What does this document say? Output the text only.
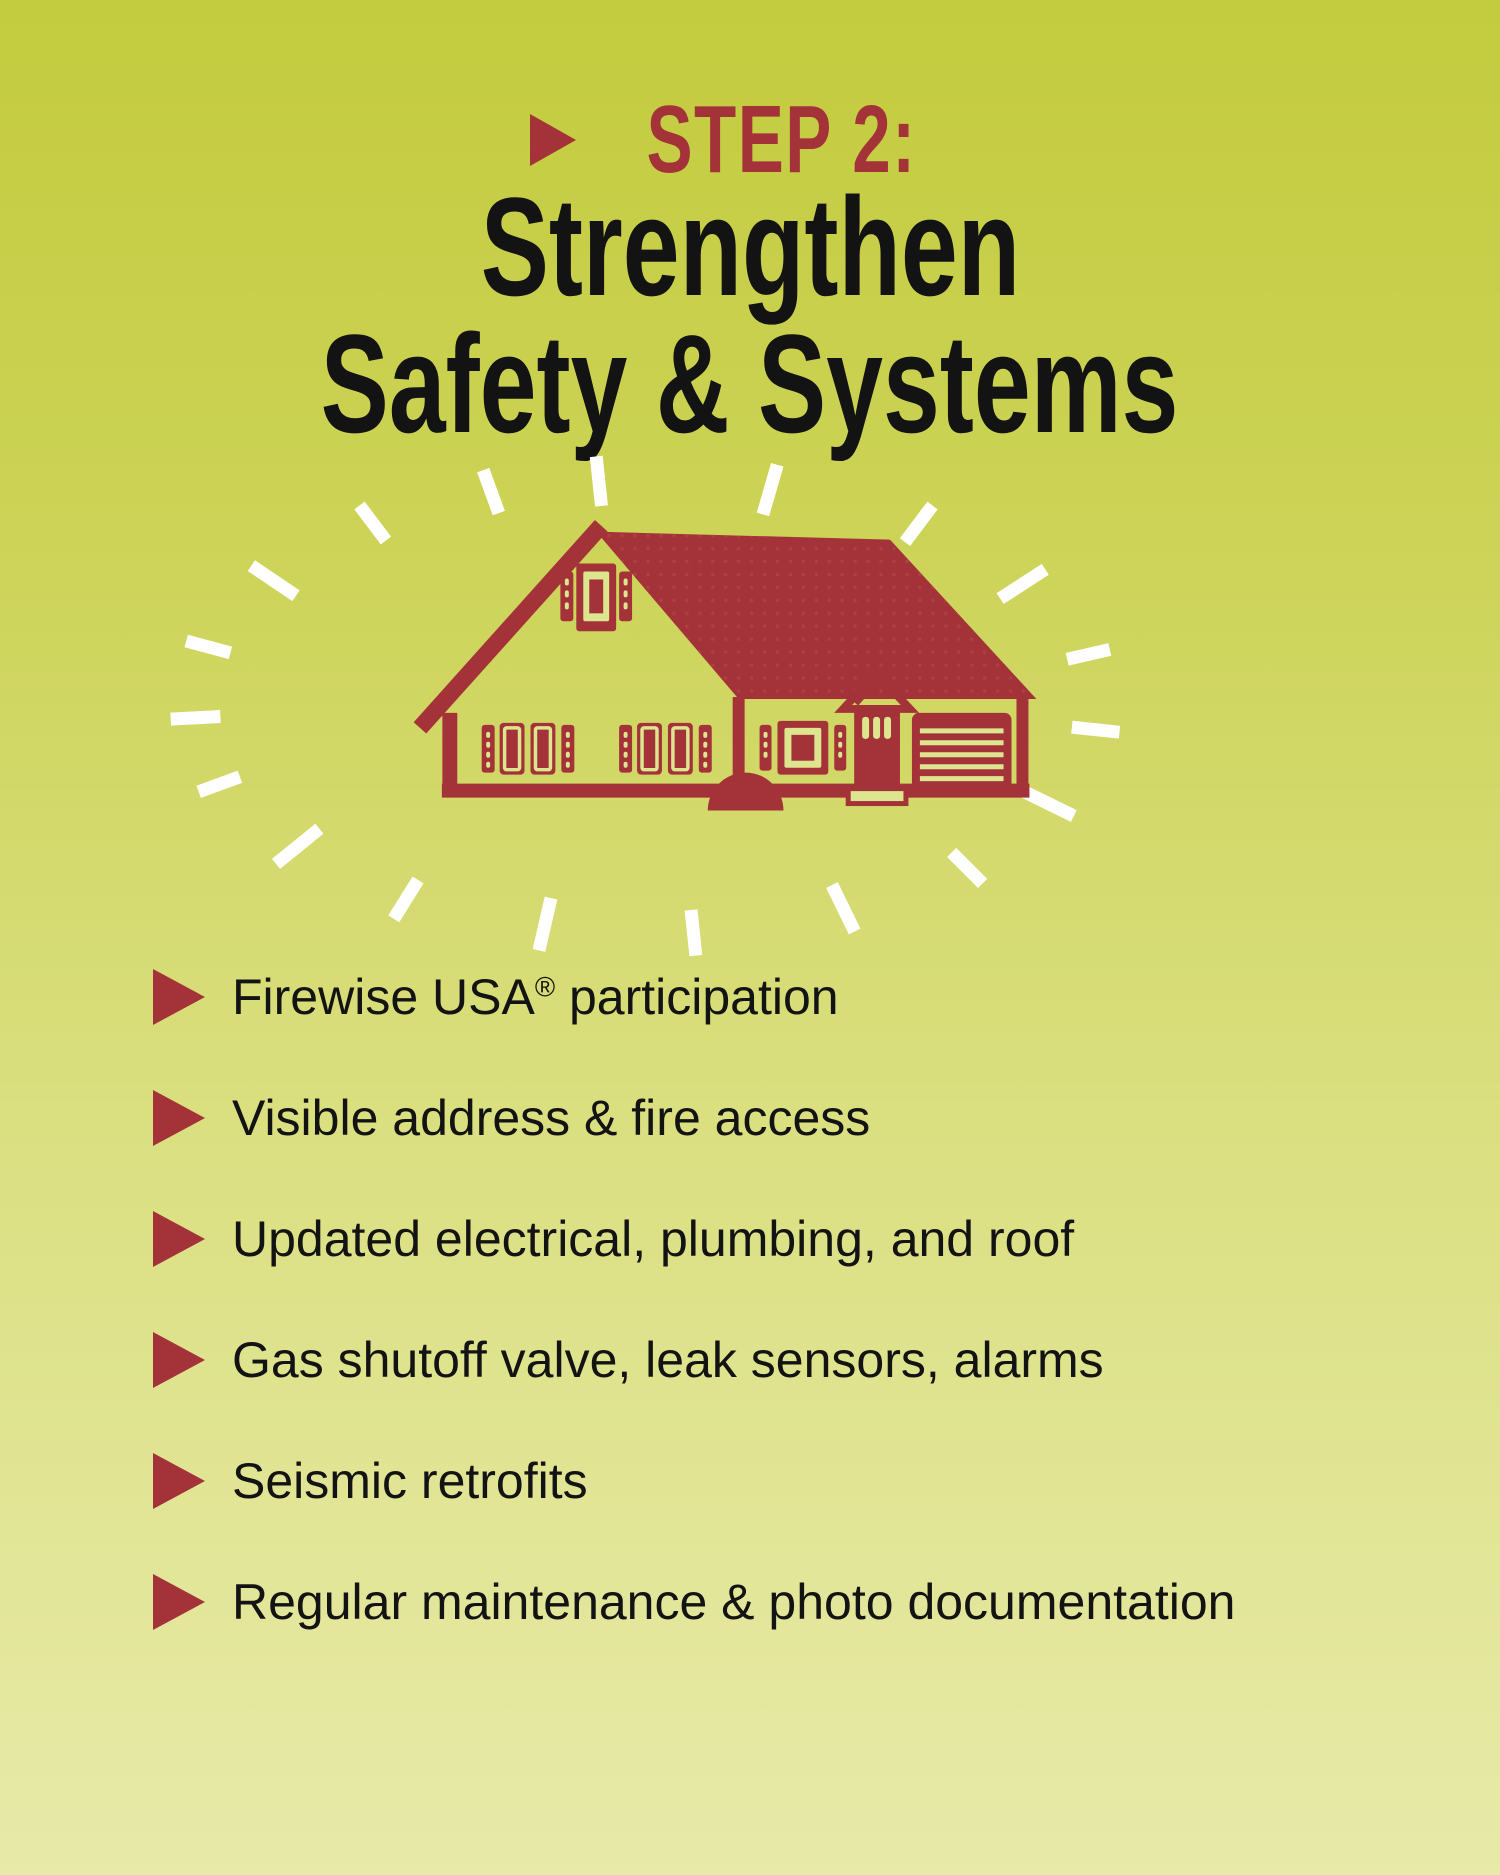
STEP 2:
Strengthen
Safety & Systems
Firewise USA® participation
Visible address & fire access
Updated electrical, plumbing, and roof
Gas shutoff valve, leak sensors, alarms
Seismic retrofits
Regular maintenance & photo documentation
